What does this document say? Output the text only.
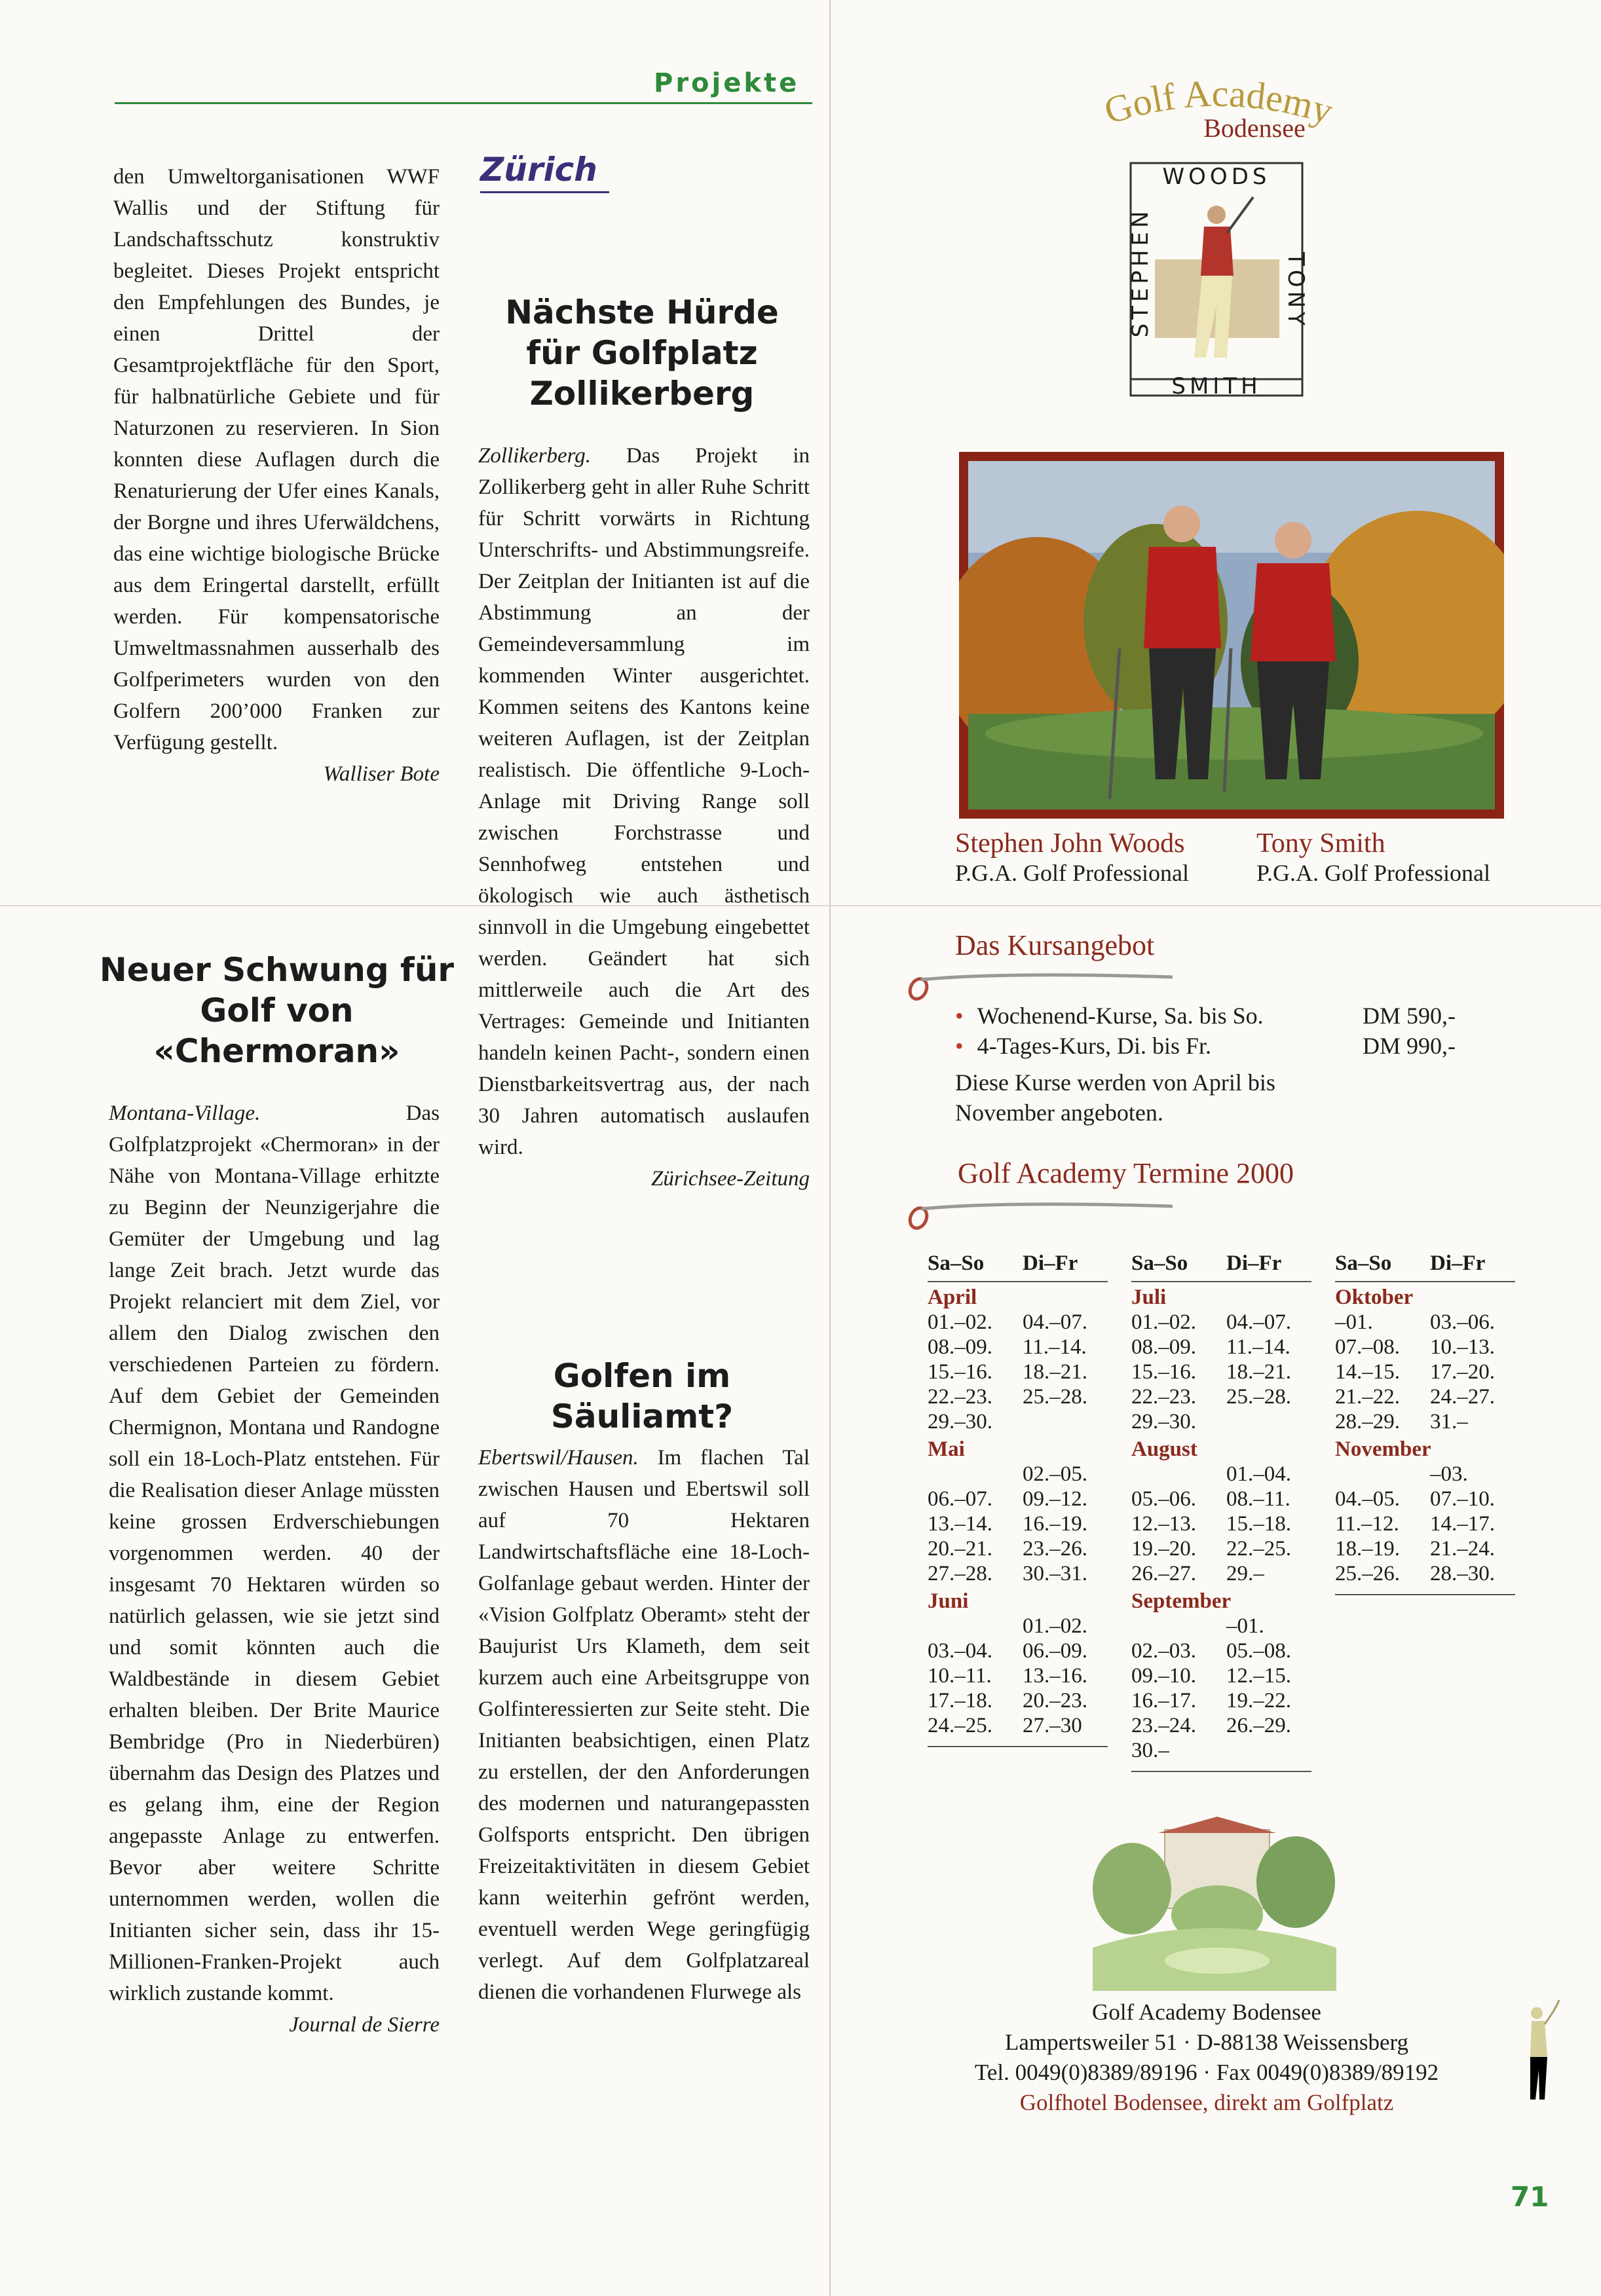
Projekte

den Umweltorganisationen WWF Wallis und der Stiftung für Landschaftsschutz konstruktiv begleitet. Dieses Projekt entspricht den Empfehlungen des Bundes, je einen Drittel der Gesamtprojektfläche für den Sport, für halbnatürliche Gebiete und für Naturzonen zu reservieren. In Sion konnten diese Auflagen durch die Renaturierung der Ufer eines Kanals, der Borgne und ihres Uferwäldchens, das eine wichtige biologische Brücke aus dem Eringertal darstellt, erfüllt werden. Für kompensatorische Umweltmassnahmen ausserhalb des Golfperimeters wurden von den Golfern 200’000 Franken zur Verfügung gestellt.

Walliser Bote

Neuer Schwung für Golf von «Chermoran»

Montana-Village.	Das Golfplatzprojekt «Chermoran» in der Nähe von Montana-Village erhitzte zu Beginn der Neunzigerjahre die Gemüter der Umgebung und lag lange Zeit brach. Jetzt wurde das Projekt relanciert mit dem Ziel, vor allem den Dialog zwischen den verschiedenen Parteien zu fördern. Auf dem Gebiet der Gemeinden Chermignon, Montana und Randogne soll ein 18-Loch-Platz entstehen. Für die Realisation dieser Anlage müssten keine grossen Erdverschiebungen vorgenommen werden. 40 der insgesamt 70 Hektaren würden so natürlich gelassen, wie sie jetzt sind und somit könnten auch die Waldbestände in diesem Gebiet erhalten bleiben. Der Brite Maurice Bembridge (Pro in Niederbüren) übernahm das Design des Platzes und es gelang ihm, eine der Region angepasste Anlage zu entwerfen. Bevor aber weitere Schritte unternommen werden, wollen die Initianten sicher sein, dass ihr 15-Millionen-Franken-Projekt auch wirklich zustande kommt.

Journal de Sierre

Zürich
Nächste Hürde für Golfplatz Zollikerberg

Zollikerberg. Das Projekt in Zollikerberg geht in aller Ruhe Schritt für Schritt vorwärts in Richtung Unterschrifts- und Abstimmungsreife. Der Zeitplan der Initianten ist auf die Abstimmung an der Gemeindeversammlung im kommenden Winter ausgerichtet. Kommen seitens des Kantons keine weiteren Auflagen, ist der Zeitplan realistisch. Die öffentliche 9-Loch-Anlage mit Driving Range soll zwischen Forchstrasse und Sennhofweg entstehen und ökologisch wie auch ästhetisch sinnvoll in die Umgebung eingebettet werden. Geändert hat sich mittlerweile auch die Art des Vertrages: Gemeinde und Initianten handeln keinen Pacht-, sondern einen Dienstbarkeitsvertrag aus, der nach 30 Jahren automatisch auslaufen wird.

Zürichsee-Zeitung

Golfen im Säuliamt?

Ebertswil/Hausen. Im flachen Tal zwischen Hausen und Ebertswil soll auf 70 Hektaren Landwirtschaftsfläche eine 18-Loch-Golfanlage gebaut werden. Hinter der «Vision Golfplatz Oberamt» steht der Baujurist Urs Klameth, dem seit kurzem auch eine Arbeitsgruppe von Golfinteressierten zur Seite steht. Die Initianten beabsichtigen, einen Platz zu erstellen, der den Anforderungen des modernen und naturangepassten Golfsports entspricht. Den übrigen Freizeitaktivitäten in diesem Gebiet kann weiterhin gefrönt werden, eventuell werden Wege geringfügig verlegt. Auf dem Golfplatzareal dienen die vorhandenen Flurwege als

Golf Academy
Bodensee
WOODS
STEPHEN	TONY
SMITH
Stephen John Woods
P.G.A. Golf Professional
Tony Smith
P.G.A. Golf Professional
Das Kursangebot
• Wochenend-Kurse, Sa. bis So.	DM 590,-
• 4-Tages-Kurs, Di. bis Fr.	DM 990,-
Diese Kurse werden von April bis November angeboten.
Golf Academy Termine 2000
Sa–So	Di–Fr
April	
01.–02.	04.–07.
08.–09.	11.–14.
15.–16.	18.–21.
22.–23.	25.–28.
29.–30.	
Mai	
	02.–05.
06.–07.	09.–12.
13.–14.	16.–19.
20.–21.	23.–26.
27.–28.	30.–31.
Juni	
	01.–02.
03.–04.	06.–09.
10.–11.	13.–16.
17.–18.	20.–23.
24.–25.	27.–30

Sa–So	Di–Fr
Juli	
01.–02.	04.–07.
08.–09.	11.–14.
15.–16.	18.–21.
22.–23.	25.–28.
29.–30.	
August	
	01.–04.
05.–06.	08.–11.
12.–13.	15.–18.
19.–20.	22.–25.
26.–27.	29.–
September	
	–01.
02.–03.	05.–08.
09.–10.	12.–15.
16.–17.	19.–22.
23.–24.	26.–29.
30.–	

Sa–So	Di–Fr
Oktober	
–01.	03.–06.
07.–08.	10.–13.
14.–15.	17.–20.
21.–22.	24.–27.
28.–29.	31.–
November	
	–03.
04.–05.	07.–10.
11.–12.	14.–17.
18.–19.	21.–24.
25.–26.	28.–30.

Golf Academy Bodensee
Lampertsweiler 51 · D-88138 Weissensberg
Tel. 0049(0)8389/89196 · Fax 0049(0)8389/89192
Golfhotel Bodensee, direkt am Golfplatz
71
